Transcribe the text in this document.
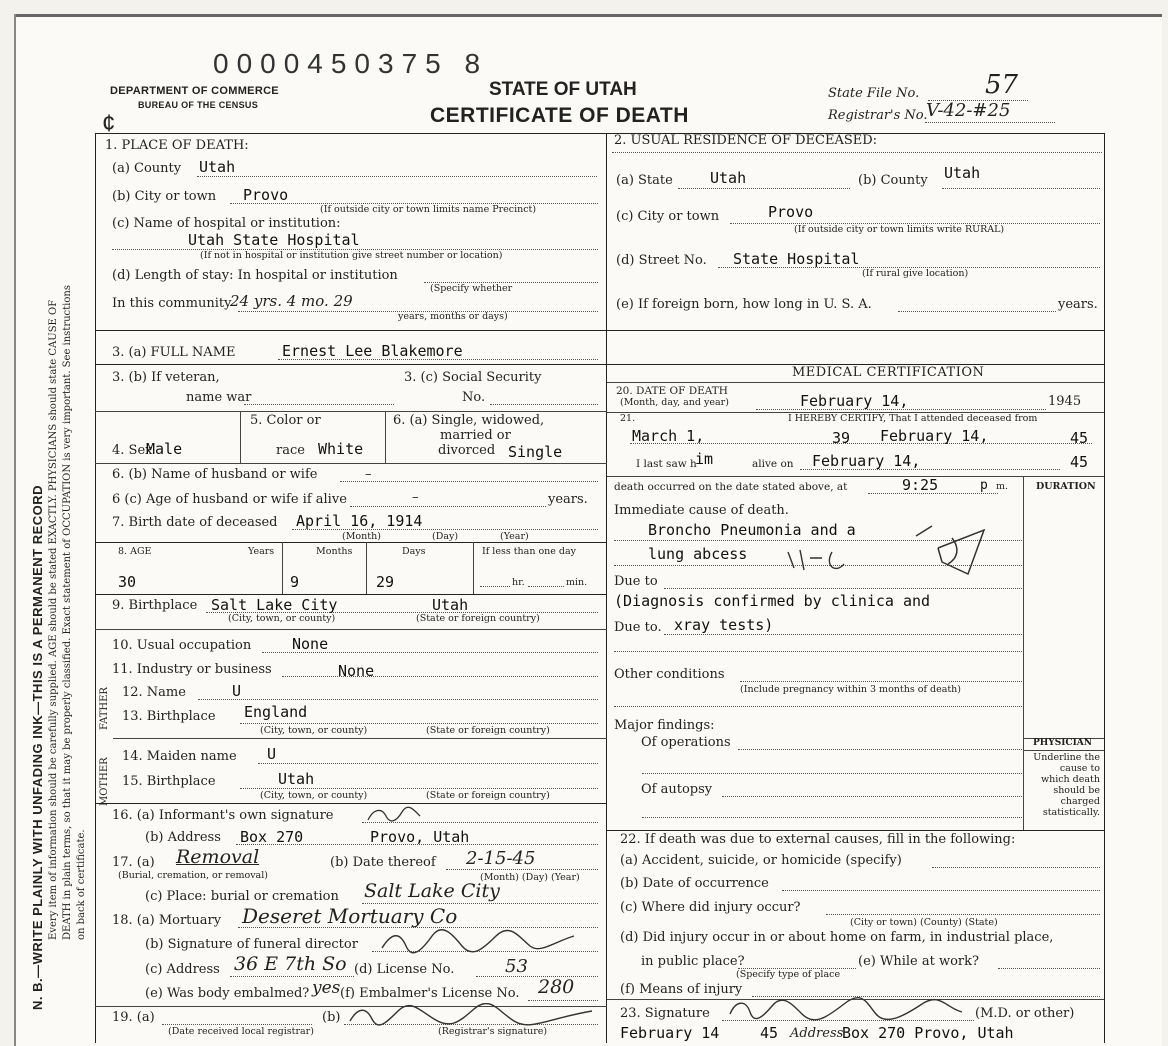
N. B.—WRITE PLAINLY WITH UNFADING INK—THIS IS A PERMANENT RECORD Every item of information should be carefully supplied. AGE should be stated EXACTLY. PHYSICIANS should state CAUSE OF DEATH in plain terms, so that it may be properly classified. Exact statement of OCCUPATION is very important. See instructions on back of certificate.
0000450375 8
DEPARTMENT OF COMMERCE
BUREAU OF THE CENSUS
¢
STATE OF UTAH
CERTIFICATE OF DEATH
State File No.	57
Registrar's No.
V-42-#25
1. PLACE OF DEATH:
(a) County Utah
(b) City or town Provo
(If outside city or town limits name Precinct)
(c) Name of hospital or institution:
Utah State Hospital
(If not in hospital or institution give street number or location)
(d) Length of stay: In hospital or institution
(Specify whether
In this community
24 yrs. 4 mo. 29
years, months or days)
2. USUAL RESIDENCE OF DECEASED:
(a) State Utah	(b) County Utah
(c) City or town	Provo
(If outside city or town limits write RURAL)
(d) Street No. State Hospital
(If rural give location)
(e) If foreign born, how long in U. S. A.	years.
3. (a) FULL NAME	Ernest Lee Blakemore
MEDICAL CERTIFICATION
3. (b) If veteran,
name war
3. (c) Social Security
No.
4. Sex
Male
5. Color or
race White
6. (a) Single, widowed,
married or
divorced Single
6. (b) Name of husband or wife	–
6 (c) Age of husband or wife if alive	–	years.
7. Birth date of deceased April 16, 1914
(Month)	(Day)	(Year)
8. AGE	Years	Months	Days	If less than one day
30	9	29	hr.	min.
9. Birthplace Salt Lake City	Utah
(City, town, or county)	(State or foreign country)
10. Usual occupation	None
11. Industry or business	None
FATHER
MOTHER
12. Name	U
13. Birthplace England
(City, town, or county)	(State or foreign country)
14. Maiden name U
15. Birthplace	Utah
(City, town, or county)	(State or foreign country)
16. (a) Informant's own signature
(b) Address Box 270	Provo, Utah
17. (a) Removal
(Burial, cremation, or removal)
(b) Date thereof 2-15-45
(Month) (Day) (Year)
(c) Place: burial or cremation Salt Lake City
18. (a) Mortuary Deseret Mortuary Co
(b) Signature of funeral director
(c) Address 36 E 7th So (d) License No.	53
(e) Was body embalmed? yes (f) Embalmer's License No. 280
19. (a)	(b)
(Date received local registrar)	(Registrar's signature)
20. DATE OF DEATH
(Month, day, and year)	February 14,	1945
21.	I HEREBY CERTIFY, That I attended deceased from
March 1,	39 February 14,	45
I last saw h
im	alive on February 14,	45
death occurred on the date stated above, at	9:25	p m.	DURATION
Immediate cause of death.
Broncho Pneumonia and a
lung abcess
Due to
(Diagnosis confirmed by clinica and
Due to. xray tests)
Other conditions
(Include pregnancy within 3 months of death)
Major findings:
Of operations
Of autopsy
PHYSICIAN
Underline the cause to which death should be charged statistically.
22. If death was due to external causes, fill in the following:
(a) Accident, suicide, or homicide (specify)
(b) Date of occurrence
(c) Where did injury occur?
(City or town) (County) (State)
(d) Did injury occur in or about home on farm, in industrial place,
in public place?
(Specify type of place
(e) While at work?
(f) Means of injury
23. Signature	(M.D. or other)
February 14	45 Address
Box 270 Provo, Utah
